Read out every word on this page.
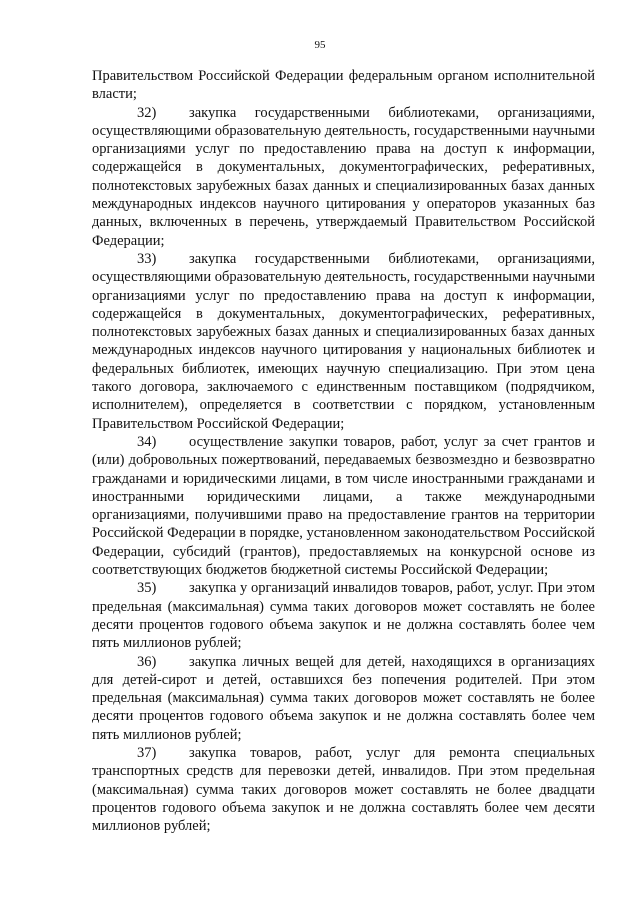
95

Правительством Российской Федерации федеральным органом исполнительной власти;

32) закупка государственными библиотеками, организациями, осуществляющими образовательную деятельность, государственными научными организациями услуг по предоставлению права на доступ к информации, содержащейся в документальных, документографических, реферативных, полнотекстовых зарубежных базах данных и специализированных базах данных международных индексов научного цитирования у операторов указанных баз данных, включенных в перечень, утверждаемый Правительством Российской Федерации;

33) закупка государственными библиотеками, организациями, осуществляющими образовательную деятельность, государственными научными организациями услуг по предоставлению права на доступ к информации, содержащейся в документальных, документографических, реферативных, полнотекстовых зарубежных базах данных и специализированных базах данных международных индексов научного цитирования у национальных библиотек и федеральных библиотек, имеющих научную специализацию. При этом цена такого договора, заключаемого с единственным поставщиком (подрядчиком, исполнителем), определяется в соответствии с порядком, установленным Правительством Российской Федерации;

34) осуществление закупки товаров, работ, услуг за счет грантов и (или) добровольных пожертвований, передаваемых безвозмездно и безвозвратно гражданами и юридическими лицами, в том числе иностранными гражданами и иностранными юридическими лицами, а также международными организациями, получившими право на предоставление грантов на территории Российской Федерации в порядке, установленном законодательством Российской Федерации, субсидий (грантов), предоставляемых на конкурсной основе из соответствующих бюджетов бюджетной системы Российской Федерации;

35) закупка у организаций инвалидов товаров, работ, услуг. При этом предельная (максимальная) сумма таких договоров может составлять не более десяти процентов годового объема закупок и не должна составлять более чем пять миллионов рублей;

36) закупка личных вещей для детей, находящихся в организациях для детей-сирот и детей, оставшихся без попечения родителей. При этом предельная (максимальная) сумма таких договоров может составлять не более десяти процентов годового объема закупок и не должна составлять более чем пять миллионов рублей;

37) закупка товаров, работ, услуг для ремонта специальных транспортных средств для перевозки детей, инвалидов. При этом предельная (максимальная) сумма таких договоров может составлять не более двадцати процентов годового объема закупок и не должна составлять более чем десяти миллионов рублей;
